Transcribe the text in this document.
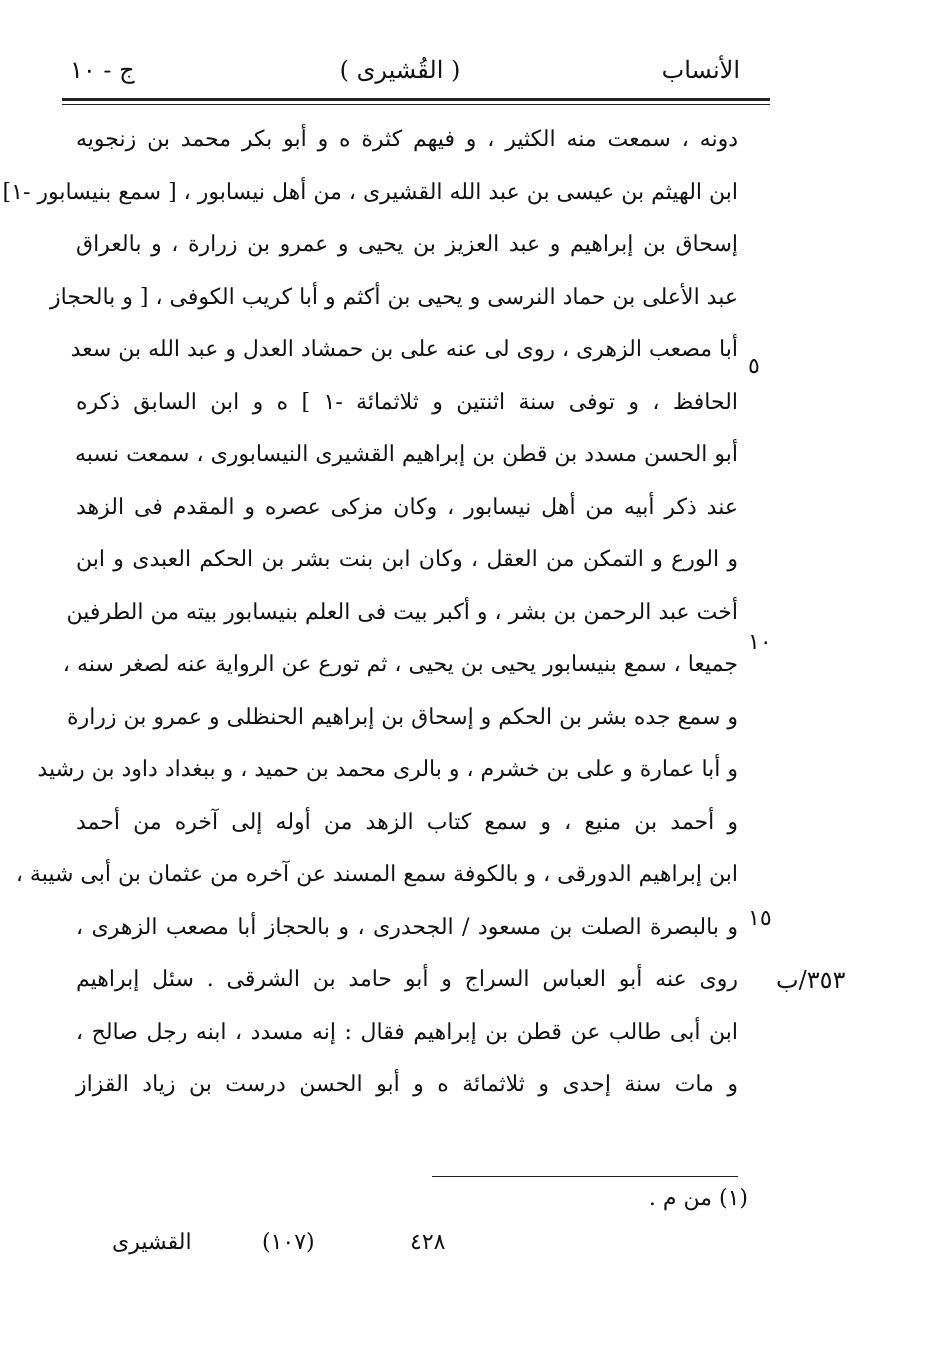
الأنساب
( القُشيرى )
ج - ١٠
دونه ، سمعت منه الكثير ، و فيهم كثرة ه و أبو بكر محمد بن زنجويه
ابن الهيثم بن عيسى بن عبد الله القشيرى ، من أهل نيسابور ، [ سمع بنيسابور -١]
إسحاق بن إبراهيم و عبد العزيز بن يحيى و عمرو بن زرارة ، و بالعراق
عبد الأعلى بن حماد النرسى و يحيى بن أكثم و أبا كريب الكوفى ، [ و بالحجاز
أبا مصعب الزهرى ، روى لى عنه على بن حمشاد العدل و عبد الله بن سعد
الحافظ ، و توفى سنة اثنتين و ثلاثمائة -١ ] ه و ابن السابق ذكره
أبو الحسن مسدد بن قطن بن إبراهيم القشيرى النيسابورى ، سمعت نسبه
عند ذكر أبيه من أهل نيسابور ، وكان مزكى عصره و المقدم فى الزهد
و الورع و التمكن من العقل ، وكان ابن بنت بشر بن الحكم العبدى و ابن
أخت عبد الرحمن بن بشر ، و أكبر بيت فى العلم بنيسابور بيته من الطرفين
جميعا ، سمع بنيسابور يحيى بن يحيى ، ثم تورع عن الرواية عنه لصغر سنه ،
و سمع جده بشر بن الحكم و إسحاق بن إبراهيم الحنظلى و عمرو بن زرارة
و أبا عمارة و على بن خشرم ، و بالرى محمد بن حميد ، و ببغداد داود بن رشيد
و أحمد بن منيع ، و سمع كتاب الزهد من أوله إلى آخره من أحمد
ابن إبراهيم الدورقى ، و بالكوفة سمع المسند عن آخره من عثمان بن أبى شيبة ،
و بالبصرة الصلت بن مسعود / الجحدرى ، و بالحجاز أبا مصعب الزهرى ،
روى عنه أبو العباس السراج و أبو حامد بن الشرقى . سئل إبراهيم
ابن أبى طالب عن قطن بن إبراهيم فقال : إنه مسدد ، ابنه رجل صالح ،
و مات سنة إحدى و ثلاثمائة ه و أبو الحسن درست بن زياد القزاز
٥
١٠
١٥
٣٥٣/ب
(١) من م .
القشيرى	(١٠٧)	٤٢٨
